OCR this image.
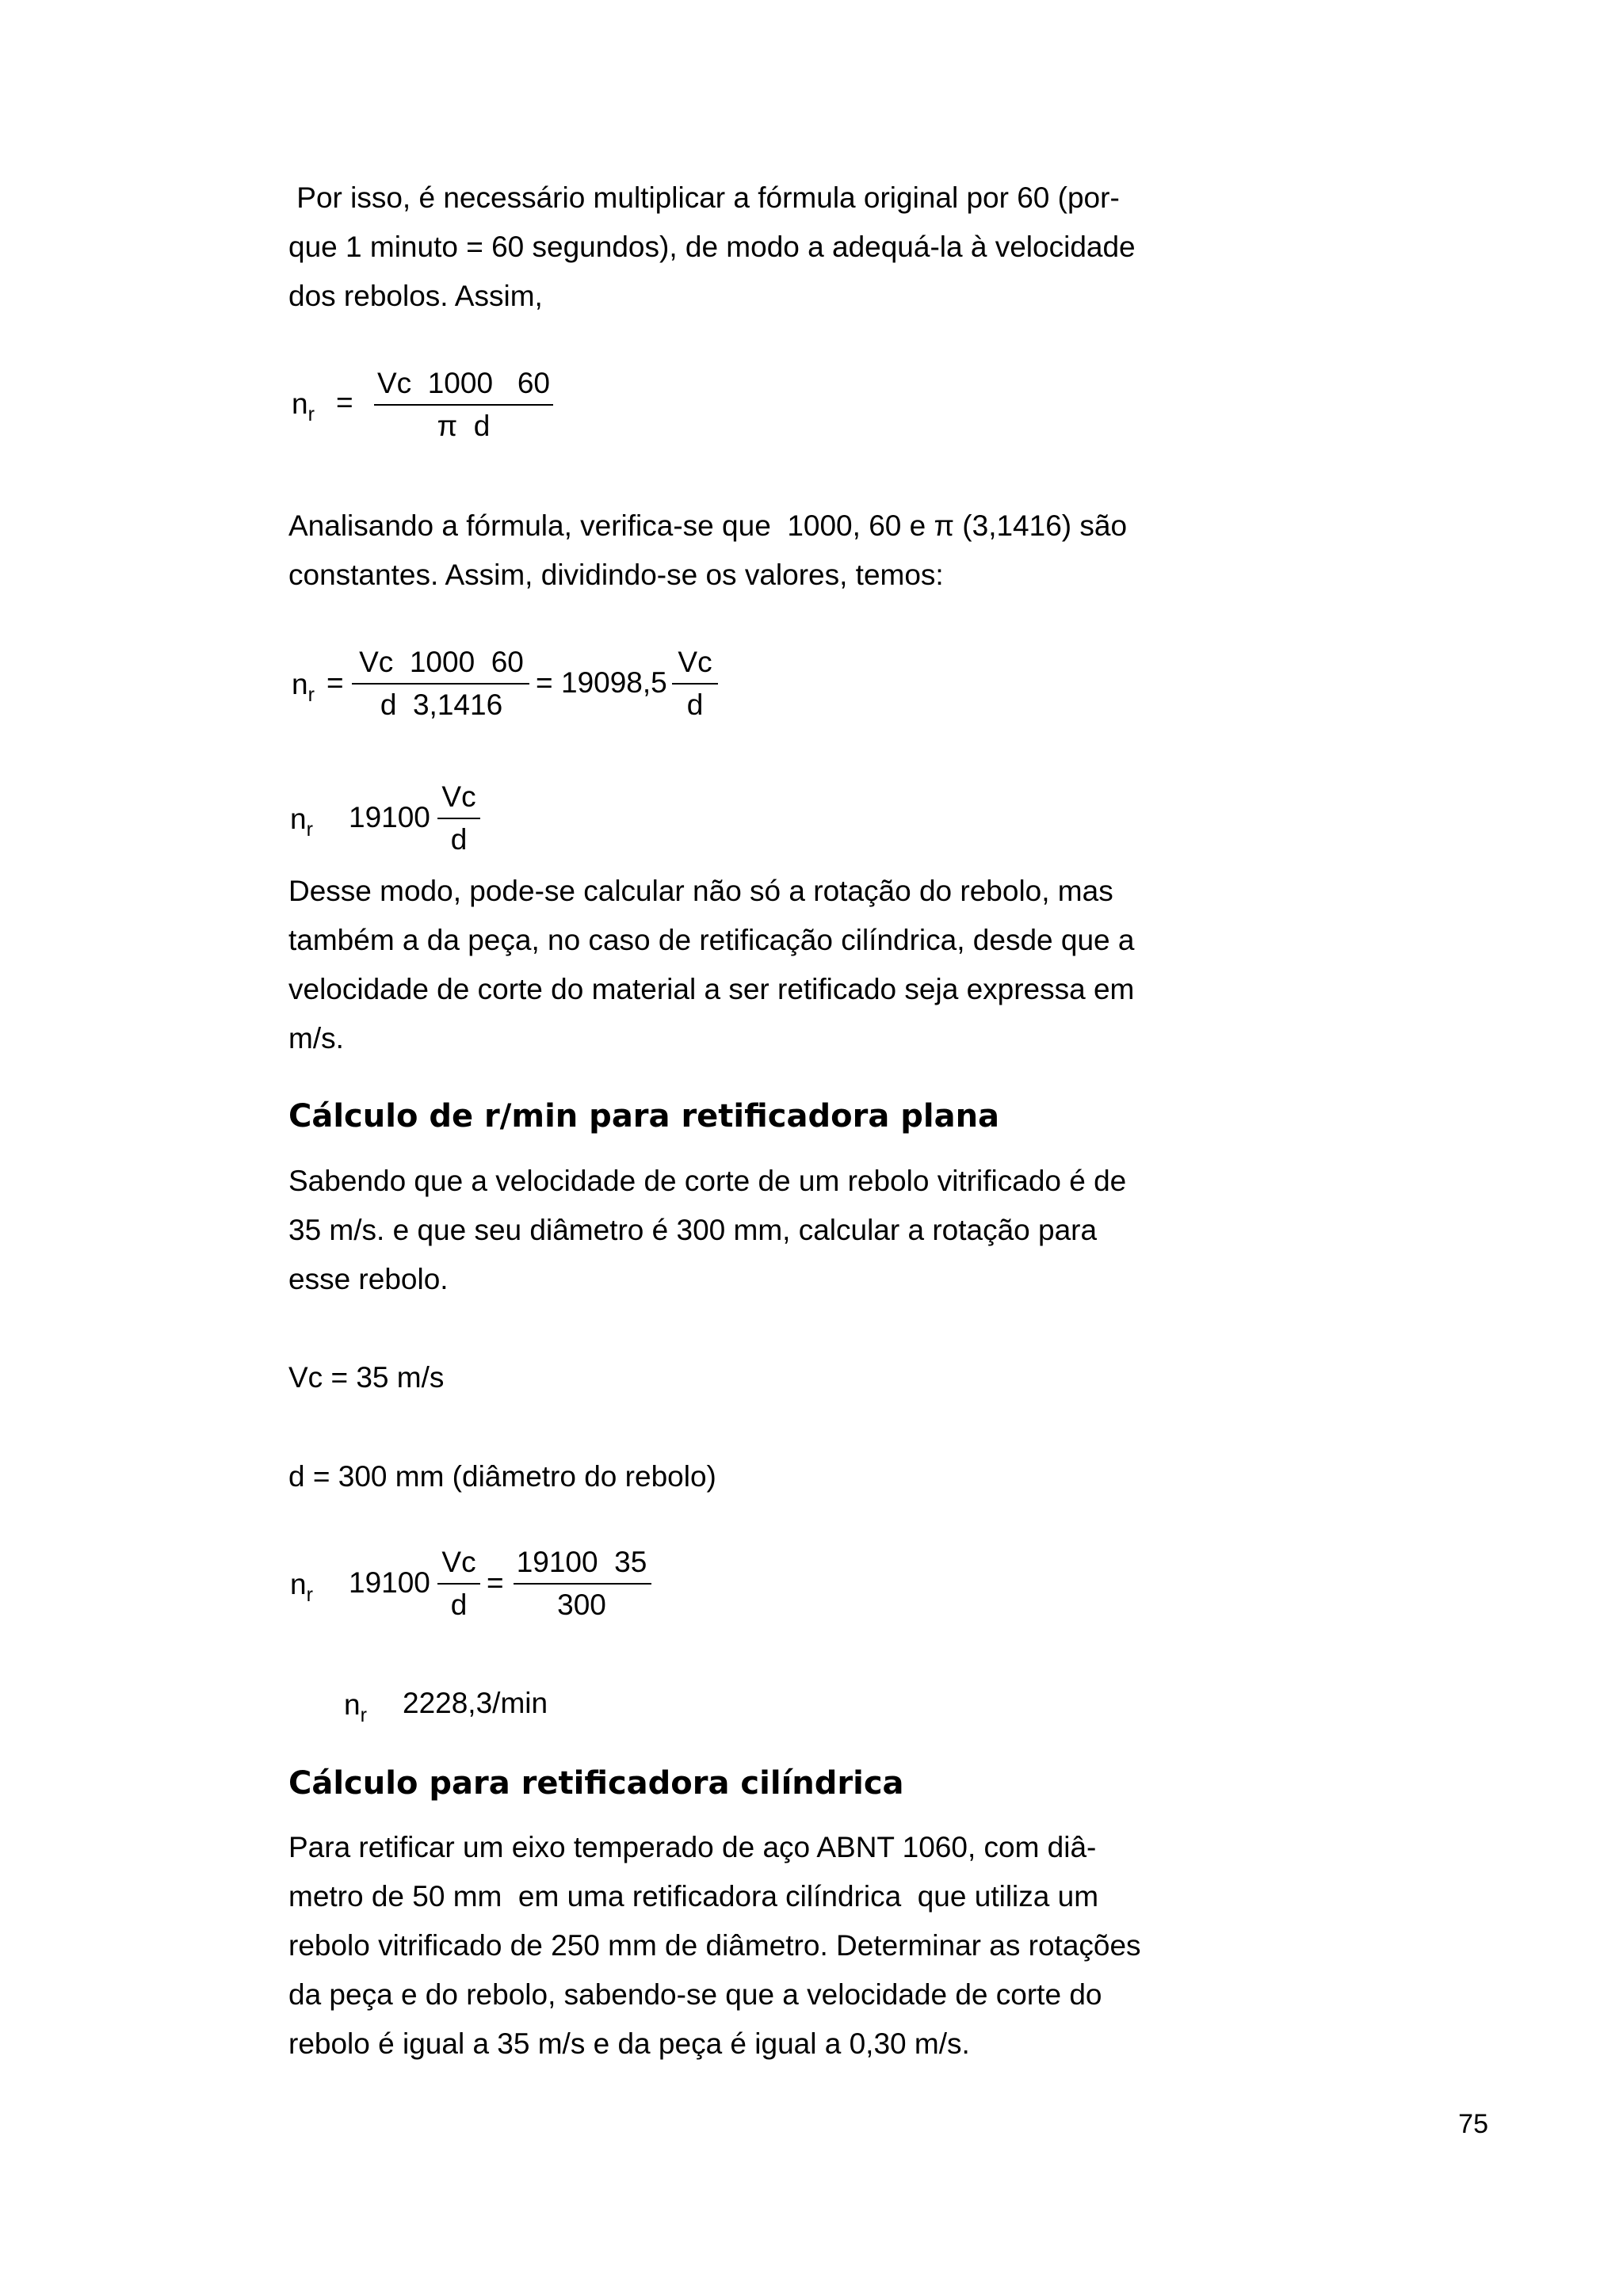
Por isso, é necessário multiplicar a fórmula original por 60 (por-
que 1 minuto = 60 segundos), de modo a adequá-la à velocidade
dos rebolos. Assim,

$n_r$ =
Vc  1000   60
π  d

Analisando a fórmula, verifica-se que  1000, 60 e π (3,1416) são
constantes. Assim, dividindo-se os valores, temos:

$n_r$ =
Vc  1000  60
d  3,1416
= 19098,5
Vc
d
$n_r$ 19100
Vc
d

Desse modo, pode-se calcular não só a rotação do rebolo, mas
também a da peça, no caso de retificação cilíndrica, desde que a
velocidade de corte do material a ser retificado seja expressa em
m/s.

Cálculo de r/min para retificadora plana

Sabendo que a velocidade de corte de um rebolo vitrificado é de
35 m/s. e que seu diâmetro é 300 mm, calcular a rotação para
esse rebolo.

Vc = 35 m/s

d = 300 mm (diâmetro do rebolo)

$n_r$ 19100
Vc
d
=
19100  35
300
$n_r$ 2228,3/min
Cálculo para retificadora cilíndrica

Para retificar um eixo temperado de aço ABNT 1060, com diâ-
metro de 50 mm  em uma retificadora cilíndrica  que utiliza um
rebolo vitrificado de 250 mm de diâmetro. Determinar as rotações
da peça e do rebolo, sabendo-se que a velocidade de corte do
rebolo é igual a 35 m/s e da peça é igual a 0,30 m/s.

75
